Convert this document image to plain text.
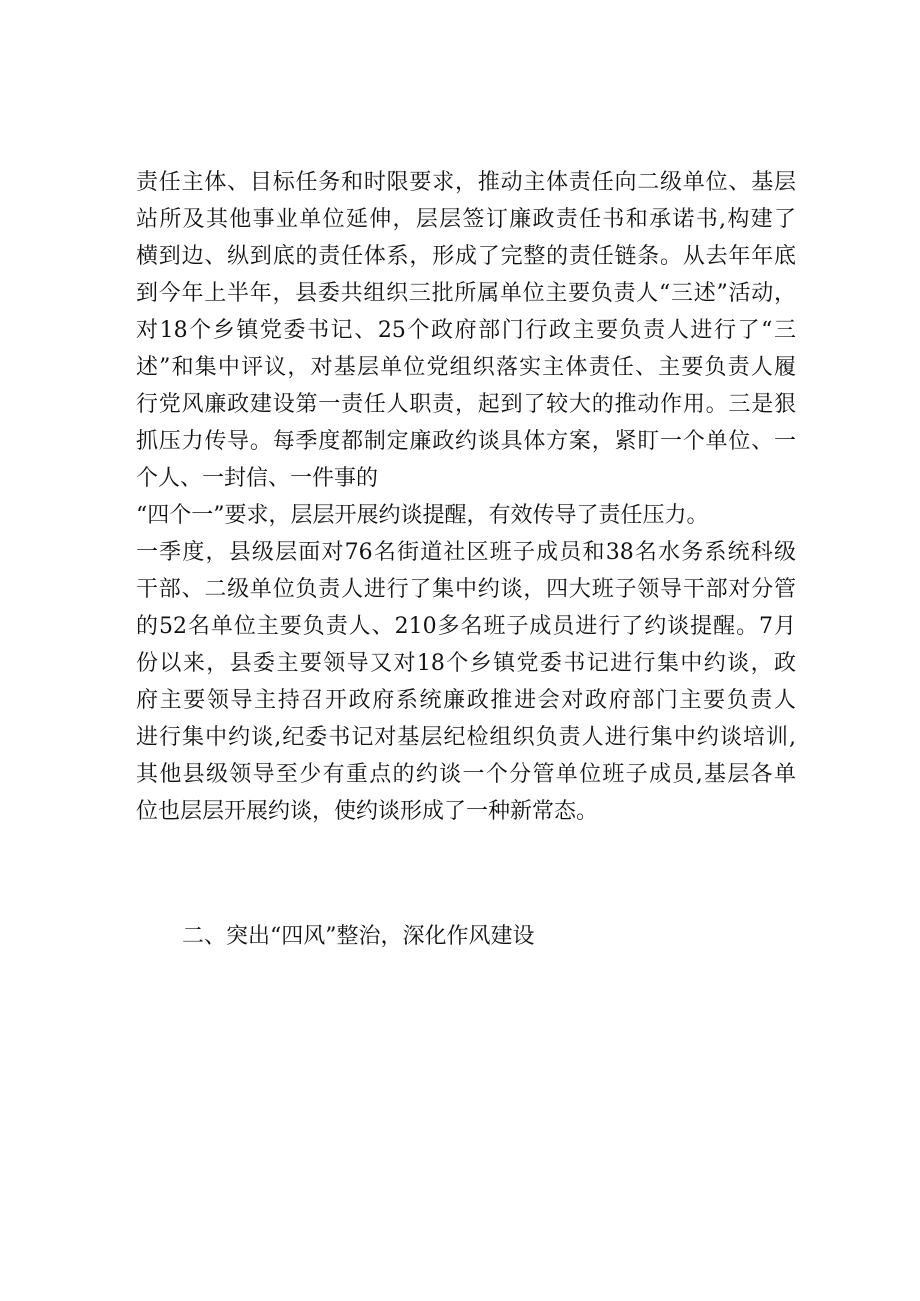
责任主体、目标任务和时限要求，推动主体责任向二级单位、基层
站所及其他事业单位延伸，层层签订廉政责任书和承诺书,构建了
横到边、纵到底的责任体系，形成了完整的责任链条。从去年年底
到今年上半年，县委共组织三批所属单位主要负责人“三述”活动，
对18个乡镇党委书记、25个政府部门行政主要负责人进行了“三
述”和集中评议，对基层单位党组织落实主体责任、主要负责人履
行党风廉政建设第一责任人职责，起到了较大的推动作用。三是狠
抓压力传导。每季度都制定廉政约谈具体方案，紧盯一个单位、一
个人、一封信、一件事的
“四个一”要求，层层开展约谈提醒，有效传导了责任压力。
一季度，县级层面对76名街道社区班子成员和38名水务系统科级
干部、二级单位负责人进行了集中约谈，四大班子领导干部对分管
的52名单位主要负责人、210多名班子成员进行了约谈提醒。7月
份以来，县委主要领导又对18个乡镇党委书记进行集中约谈，政
府主要领导主持召开政府系统廉政推进会对政府部门主要负责人
进行集中约谈,纪委书记对基层纪检组织负责人进行集中约谈培训,
其他县级领导至少有重点的约谈一个分管单位班子成员,基层各单
位也层层开展约谈，使约谈形成了一种新常态。
二、突出“四风”整治，深化作风建设
